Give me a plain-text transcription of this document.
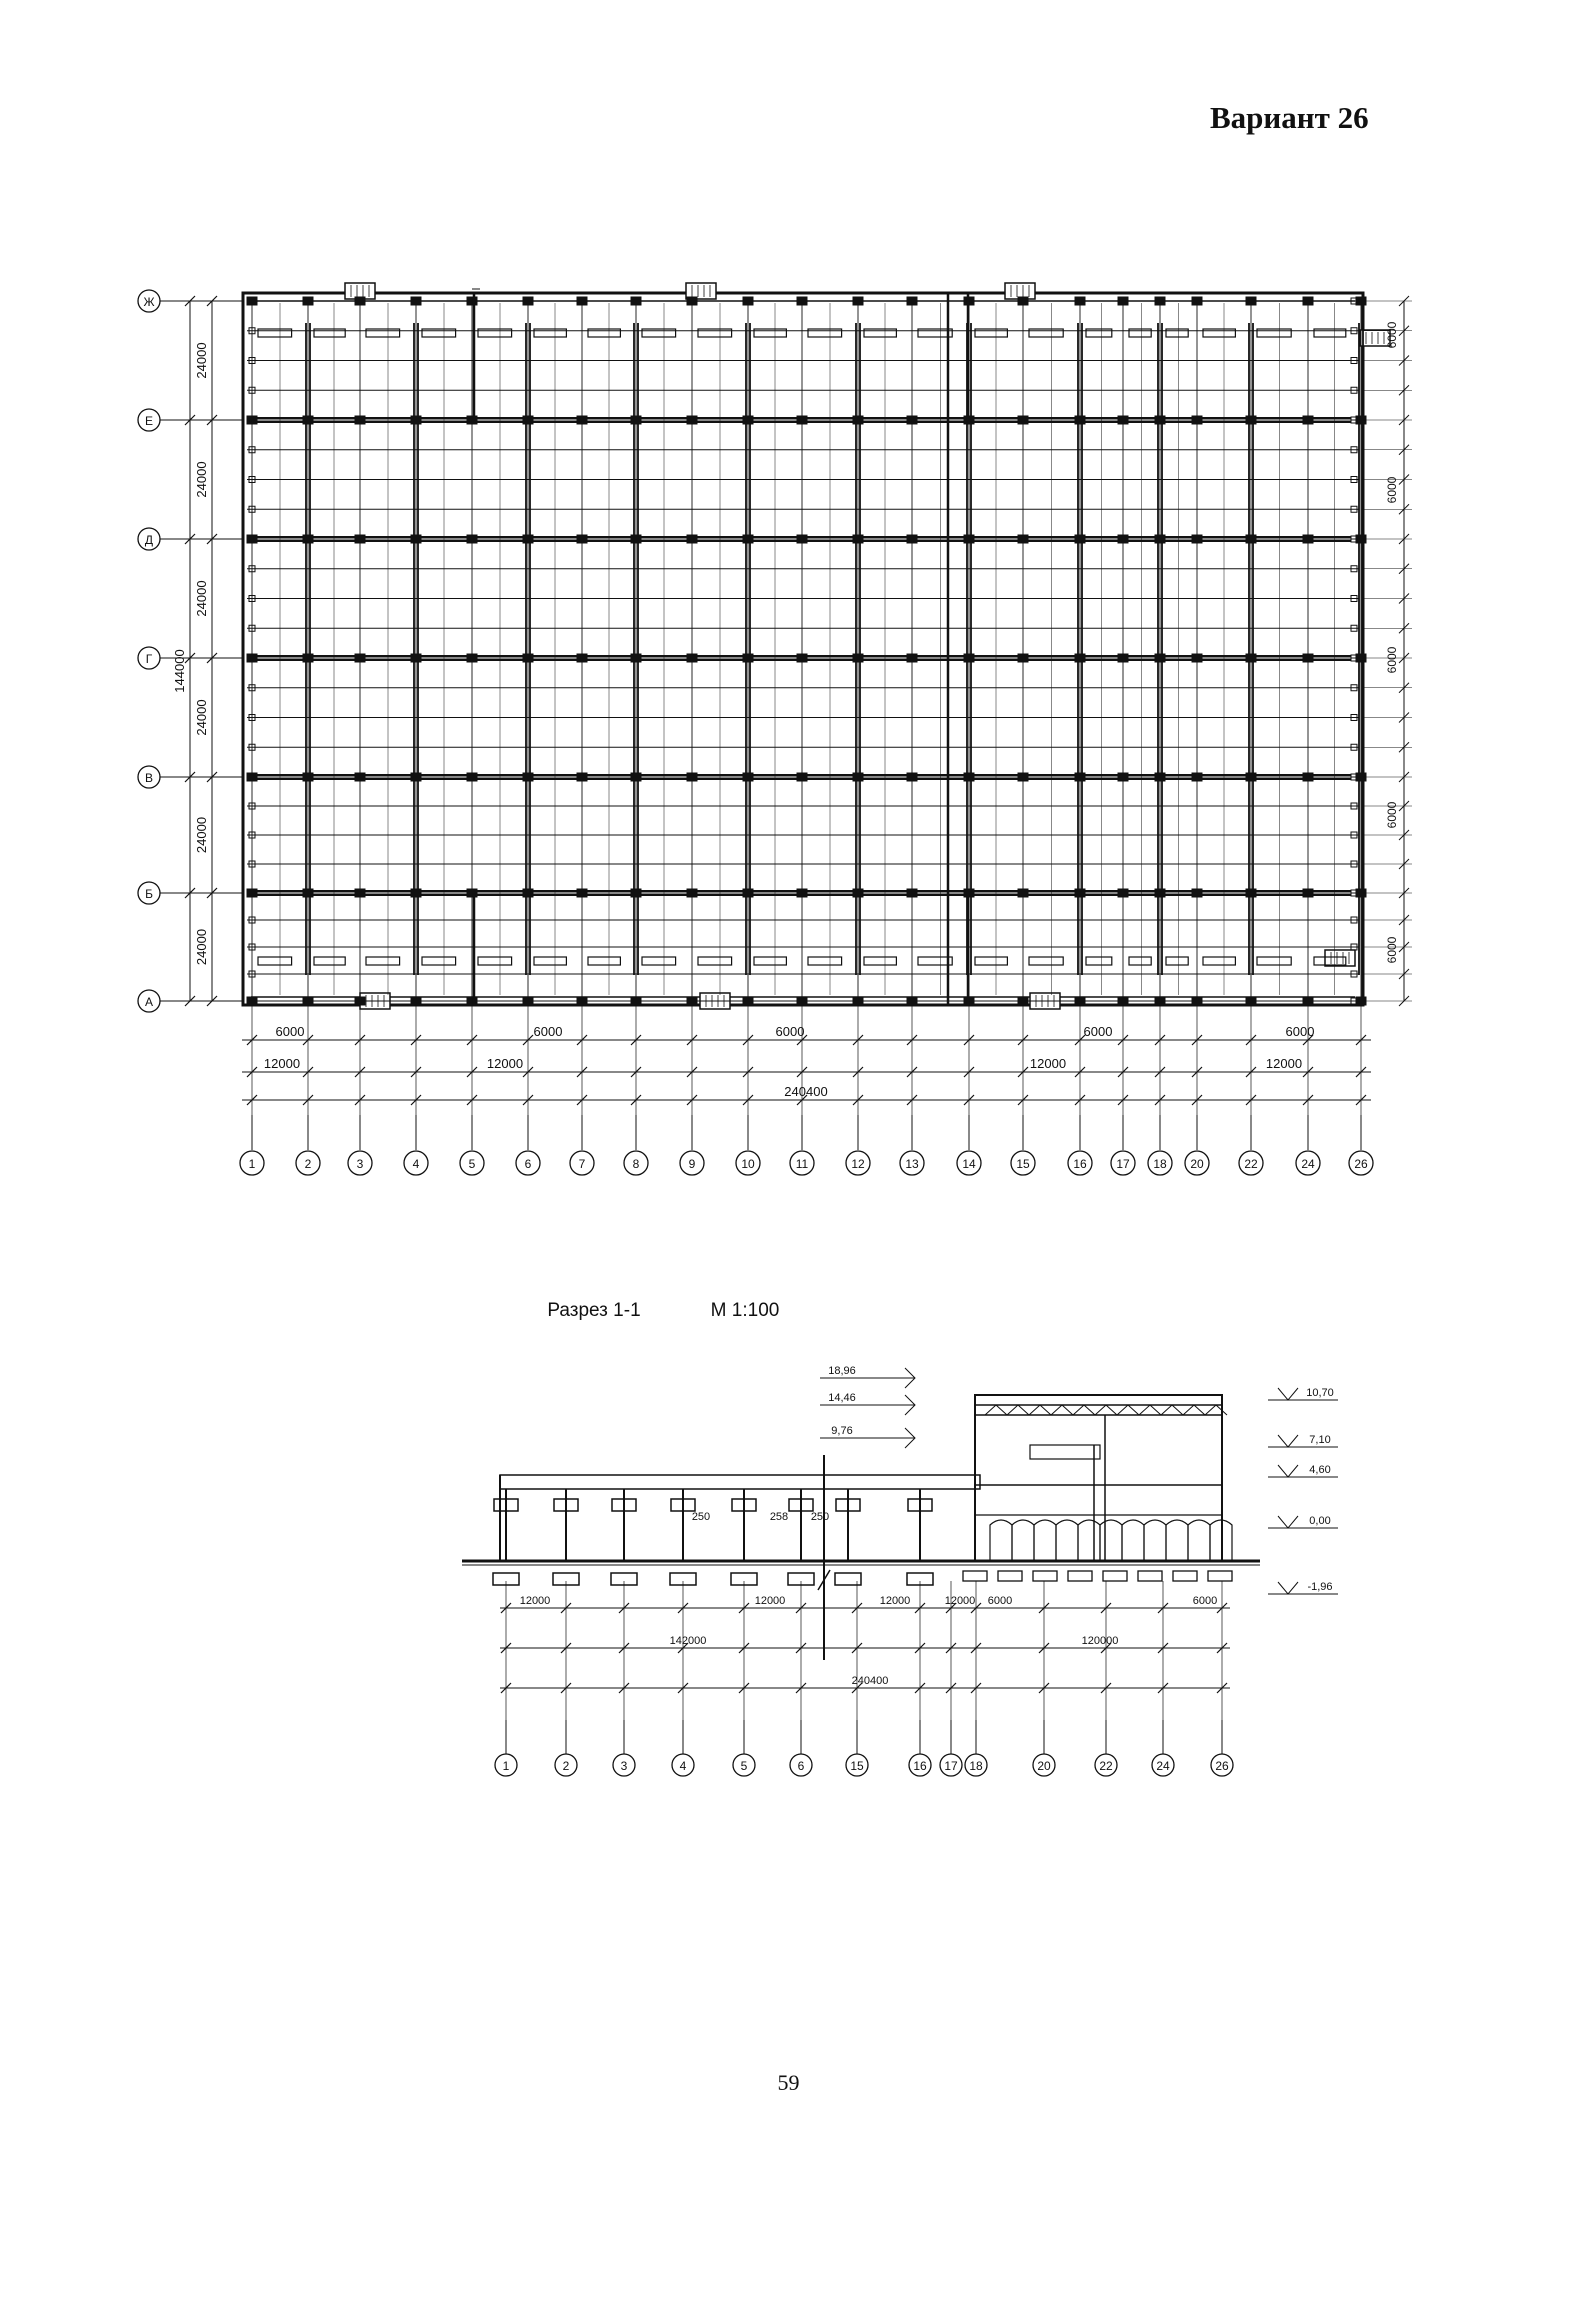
Вариант 26
Ж
Е
Д
Г
В
Б
А
24000
24000
24000
24000
24000
24000
144000
6000
6000
6000
6000
6000
6000	6000	6000	6000	6000
12000	12000	12000	12000
240400
1	2	3	4	5	6	7	8	9	10	11	12	13	14	15	16 17 18 20	22	24	26
Разрез 1-1	М 1:100
250	258 250
18,96
14,46
9,76
10,70
7,10
4,60
0,00
-1,96
12000	12000	12000	12000 6000	6000
142000	120000
240400
1	2	3	4	5	6	15	16 17 18	20	22	24	26
59
